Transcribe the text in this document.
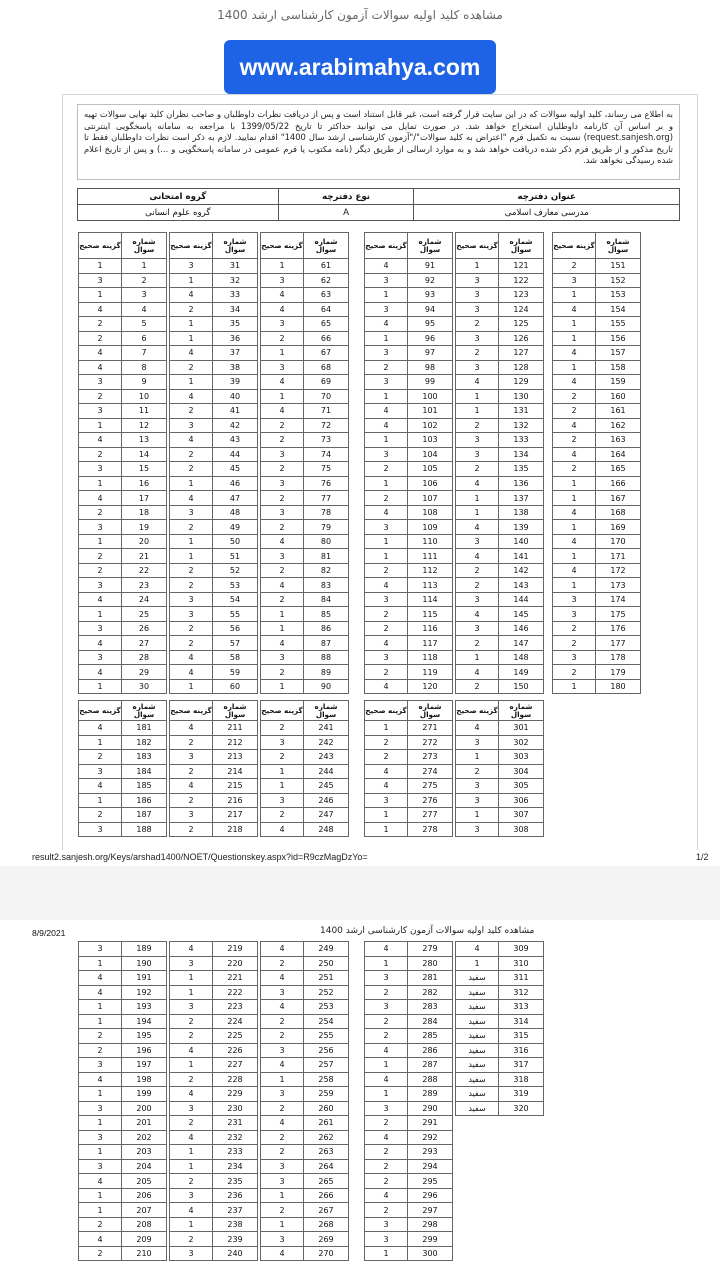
مشاهده کلید اولیه سوالات آزمون کارشناسی ارشد 1400
www.arabimahya.com
به اطلاع می رساند، کلید اولیه سوالات که در این سایت قرار گرفته است، غیر قابل استناد است و پس از دریافت نظرات داوطلبان و صاحب نظران کلید نهایی سوالات تهیه و بر اساس آن کارنامه داوطلبان استخراج خواهد شد. در صورت تمایل می توانید حداکثر تا تاریخ 1399/05/22 با مراجعه به سامانه پاسخگویی اینترنتی (request.sanjesh.org) نسبت به تکمیل فرم "اعتراض به کلید سوالات"/"آزمون کارشناسی ارشد سال 1400" اقدام نمایید. لازم به ذکر است نظرات داوطلبان فقط تا تاریخ مذکور و از طریق فرم ذکر شده دریافت خواهد شد و به موارد ارسالی از طریق دیگر (نامه مکتوب یا فرم عمومی در سامانه پاسخگویی و ...) و پس از تاریخ اعلام شده رسیدگی نخواهد شد.
گروه امتحانی	نوع دفترچه	عنوان دفترچه
گروه علوم انسانی	A	مدرسی معارف اسلامی
گزینه صحیح	شماره سوال
1	1
3	2
1	3
4	4
2	5
2	6
4	7
4	8
3	9
2	10
3	11
1	12
4	13
2	14
3	15
1	16
4	17
2	18
3	19
1	20
2	21
2	22
3	23
4	24
1	25
3	26
4	27
3	28
4	29
1	30
گزینه صحیح	شماره سوال
3	31
1	32
4	33
2	34
1	35
1	36
4	37
2	38
1	39
4	40
2	41
3	42
4	43
2	44
2	45
1	46
4	47
3	48
2	49
1	50
1	51
2	52
2	53
3	54
3	55
2	56
2	57
4	58
4	59
1	60
گزینه صحیح	شماره سوال
1	61
3	62
4	63
4	64
3	65
2	66
1	67
3	68
4	69
1	70
4	71
2	72
2	73
3	74
2	75
3	76
2	77
3	78
2	79
4	80
3	81
2	82
4	83
2	84
1	85
1	86
4	87
3	88
2	89
1	90
گزینه صحیح	شماره سوال
4	91
3	92
1	93
3	94
4	95
1	96
3	97
2	98
3	99
1	100
4	101
4	102
1	103
3	104
2	105
1	106
2	107
4	108
3	109
1	110
1	111
2	112
4	113
3	114
2	115
2	116
4	117
3	118
2	119
4	120
گزینه صحیح	شماره سوال
1	121
3	122
3	123
3	124
2	125
3	126
2	127
3	128
4	129
1	130
1	131
2	132
3	133
3	134
2	135
4	136
1	137
1	138
4	139
3	140
4	141
2	142
2	143
3	144
4	145
3	146
2	147
1	148
4	149
2	150
گزینه صحیح	شماره سوال
2	151
3	152
1	153
4	154
1	155
1	156
4	157
1	158
4	159
2	160
2	161
4	162
2	163
4	164
2	165
1	166
1	167
4	168
1	169
4	170
1	171
4	172
1	173
3	174
3	175
2	176
2	177
3	178
2	179
1	180
گزینه صحیح	شماره سوال
4	181
1	182
2	183
3	184
4	185
1	186
2	187
3	188
گزینه صحیح	شماره سوال
4	211
2	212
3	213
2	214
4	215
2	216
3	217
2	218
گزینه صحیح	شماره سوال
2	241
3	242
2	243
1	244
1	245
3	246
2	247
4	248
گزینه صحیح	شماره سوال
1	271
2	272
2	273
4	274
4	275
3	276
1	277
1	278
گزینه صحیح	شماره سوال
4	301
3	302
1	303
2	304
3	305
3	306
1	307
3	308
3	189
1	190
4	191
4	192
1	193
1	194
2	195
2	196
3	197
4	198
1	199
3	200
1	201
3	202
1	203
3	204
4	205
1	206
1	207
2	208
4	209
2	210
4	219
3	220
1	221
1	222
3	223
2	224
2	225
4	226
1	227
2	228
4	229
3	230
2	231
4	232
1	233
1	234
2	235
3	236
4	237
1	238
2	239
3	240
4	249
2	250
4	251
3	252
4	253
2	254
2	255
3	256
4	257
1	258
3	259
2	260
4	261
2	262
2	263
3	264
3	265
1	266
2	267
1	268
3	269
4	270
4	279
1	280
3	281
2	282
3	283
2	284
2	285
4	286
1	287
4	288
1	289
3	290
2	291
4	292
2	293
2	294
2	295
4	296
2	297
3	298
3	299
1	300
4	309
1	310
سفید	311
سفید	312
سفید	313
سفید	314
سفید	315
سفید	316
سفید	317
سفید	318
سفید	319
سفید	320
result2.sanjesh.org/Keys/arshad1400/NOET/Questionskey.aspx?id=R9czMagDzYo=	1/2
8/9/2021	مشاهده کلید اولیه سوالات آزمون کارشناسی ارشد 1400
